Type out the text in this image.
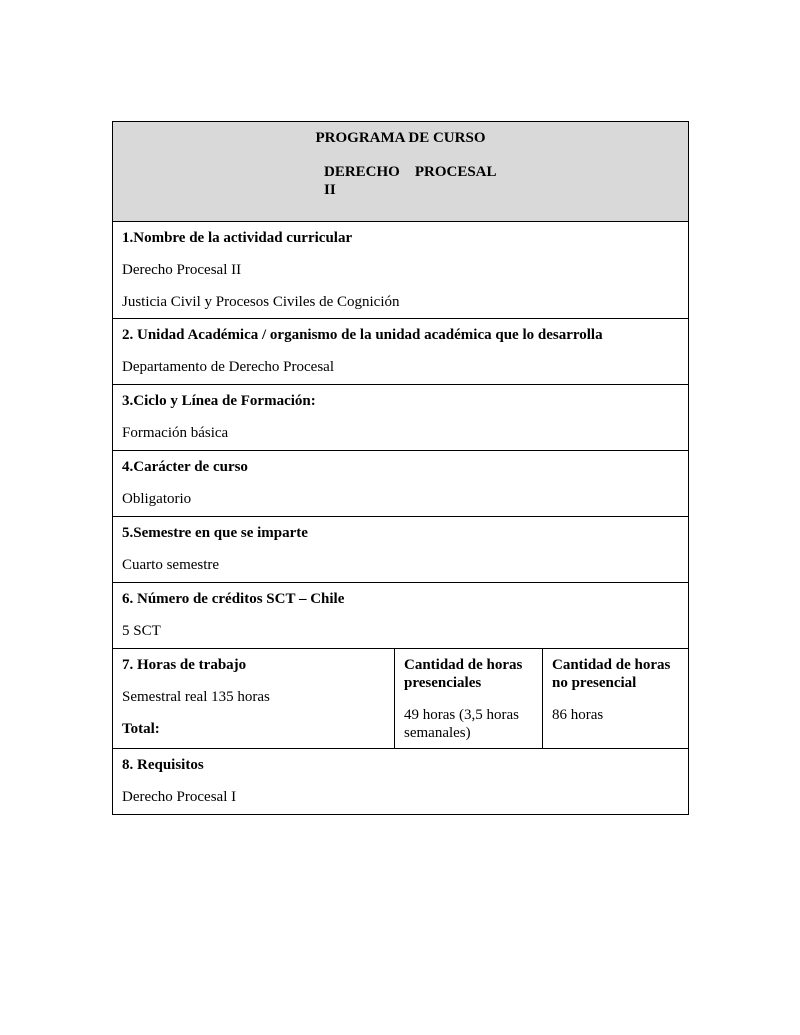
PROGRAMA DE CURSO

DERECHO    PROCESAL

II

1.Nombre de la actividad curricular

Derecho Procesal II

Justicia Civil y Procesos Civiles de Cognición

2. Unidad Académica / organismo de la unidad académica que lo desarrolla

Departamento de Derecho Procesal

3.Ciclo y Línea de Formación:

Formación básica

4.Carácter de curso

Obligatorio

5.Semestre en que se imparte

Cuarto semestre

6. Número de créditos SCT – Chile

5 SCT

7. Horas de trabajo

Semestral real 135 horas

Total:

Cantidad de horas presenciales

49 horas (3,5 horas semanales)

Cantidad de horas no presencial

86 horas

8. Requisitos

Derecho Procesal I
